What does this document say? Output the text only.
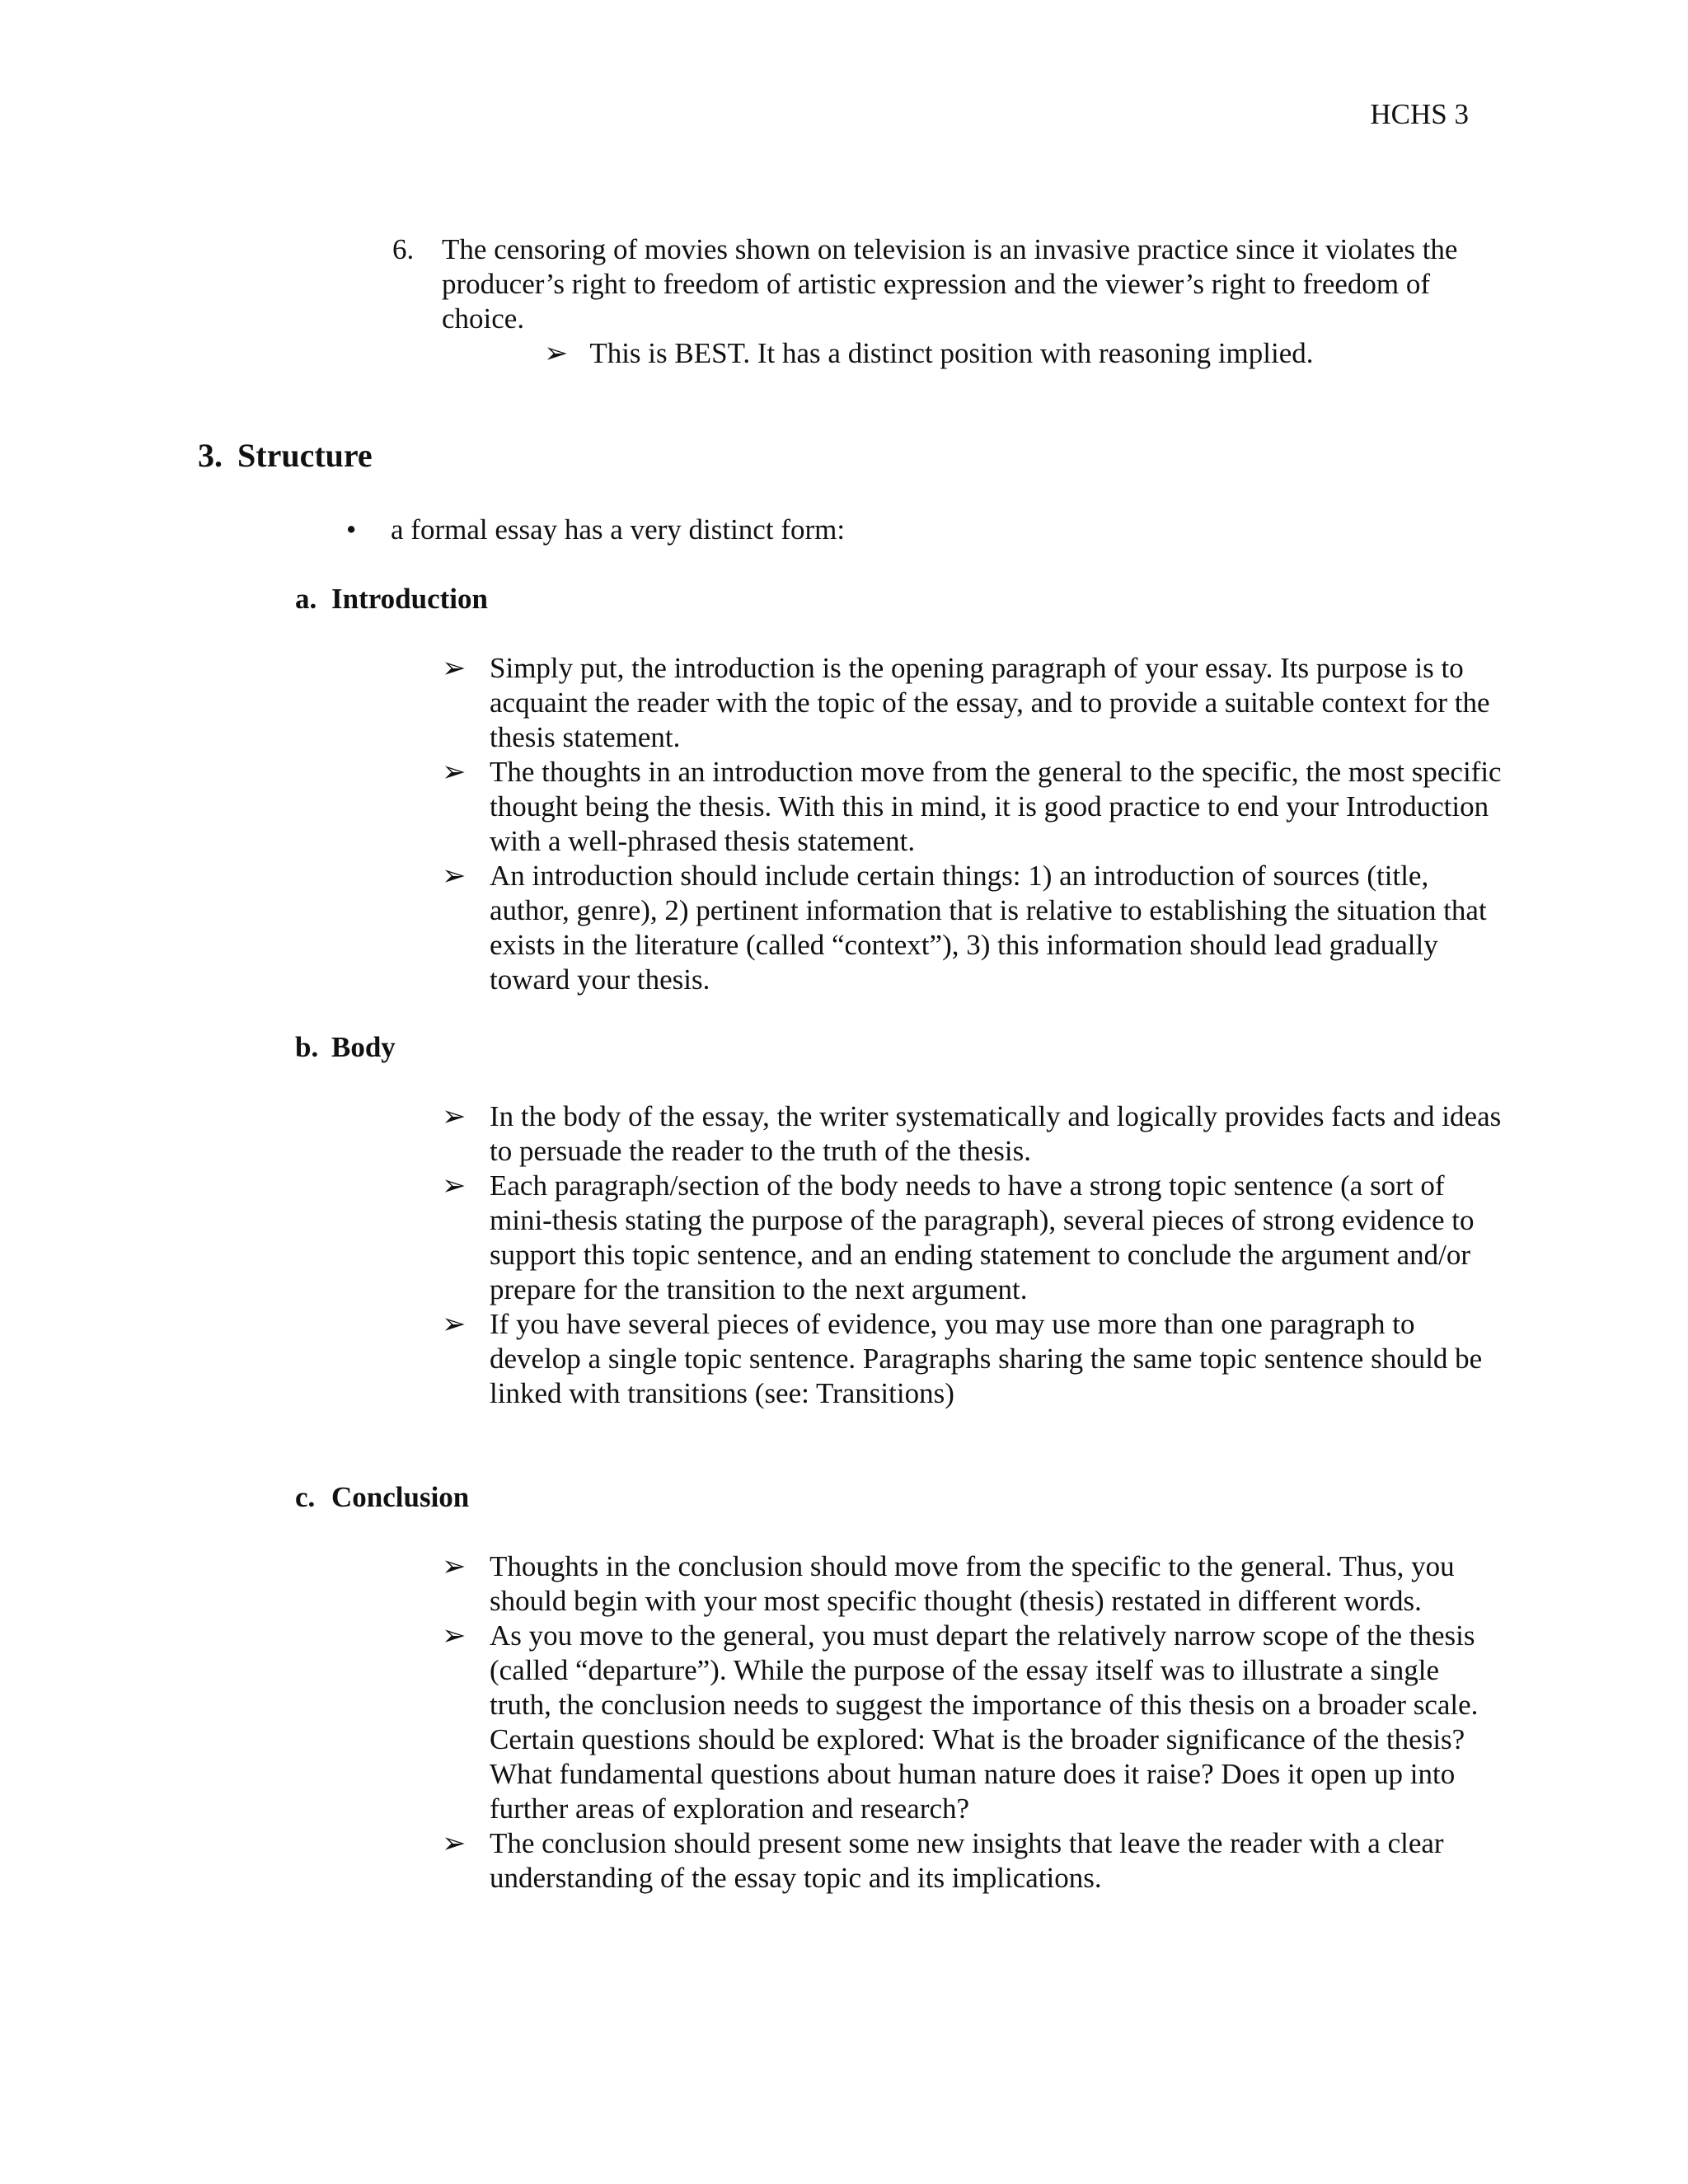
HCHS 3
6. The censoring of movies shown on television is an invasive practice since it violates the producer’s right to freedom of artistic expression and the viewer’s right to freedom of choice.
➢ This is BEST. It has a distinct position with reasoning implied.
3. Structure
• a formal essay has a very distinct form:
a. Introduction
➢ Simply put, the introduction is the opening paragraph of your essay. Its purpose is to acquaint the reader with the topic of the essay, and to provide a suitable context for the thesis statement.
➢ The thoughts in an introduction move from the general to the specific, the most specific thought being the thesis. With this in mind, it is good practice to end your Introduction with a well-phrased thesis statement.
➢ An introduction should include certain things: 1) an introduction of sources (title, author, genre), 2) pertinent information that is relative to establishing the situation that exists in the literature (called “context”), 3) this information should lead gradually toward your thesis.
b. Body
➢ In the body of the essay, the writer systematically and logically provides facts and ideas to persuade the reader to the truth of the thesis.
➢ Each paragraph/section of the body needs to have a strong topic sentence (a sort of mini-thesis stating the purpose of the paragraph), several pieces of strong evidence to support this topic sentence, and an ending statement to conclude the argument and/or prepare for the transition to the next argument.
➢ If you have several pieces of evidence, you may use more than one paragraph to develop a single topic sentence. Paragraphs sharing the same topic sentence should be linked with transitions (see: Transitions)
c. Conclusion
➢ Thoughts in the conclusion should move from the specific to the general. Thus, you should begin with your most specific thought (thesis) restated in different words.
➢ As you move to the general, you must depart the relatively narrow scope of the thesis (called “departure”). While the purpose of the essay itself was to illustrate a single truth, the conclusion needs to suggest the importance of this thesis on a broader scale. Certain questions should be explored: What is the broader significance of the thesis? What fundamental questions about human nature does it raise? Does it open up into further areas of exploration and research?
➢ The conclusion should present some new insights that leave the reader with a clear understanding of the essay topic and its implications.
